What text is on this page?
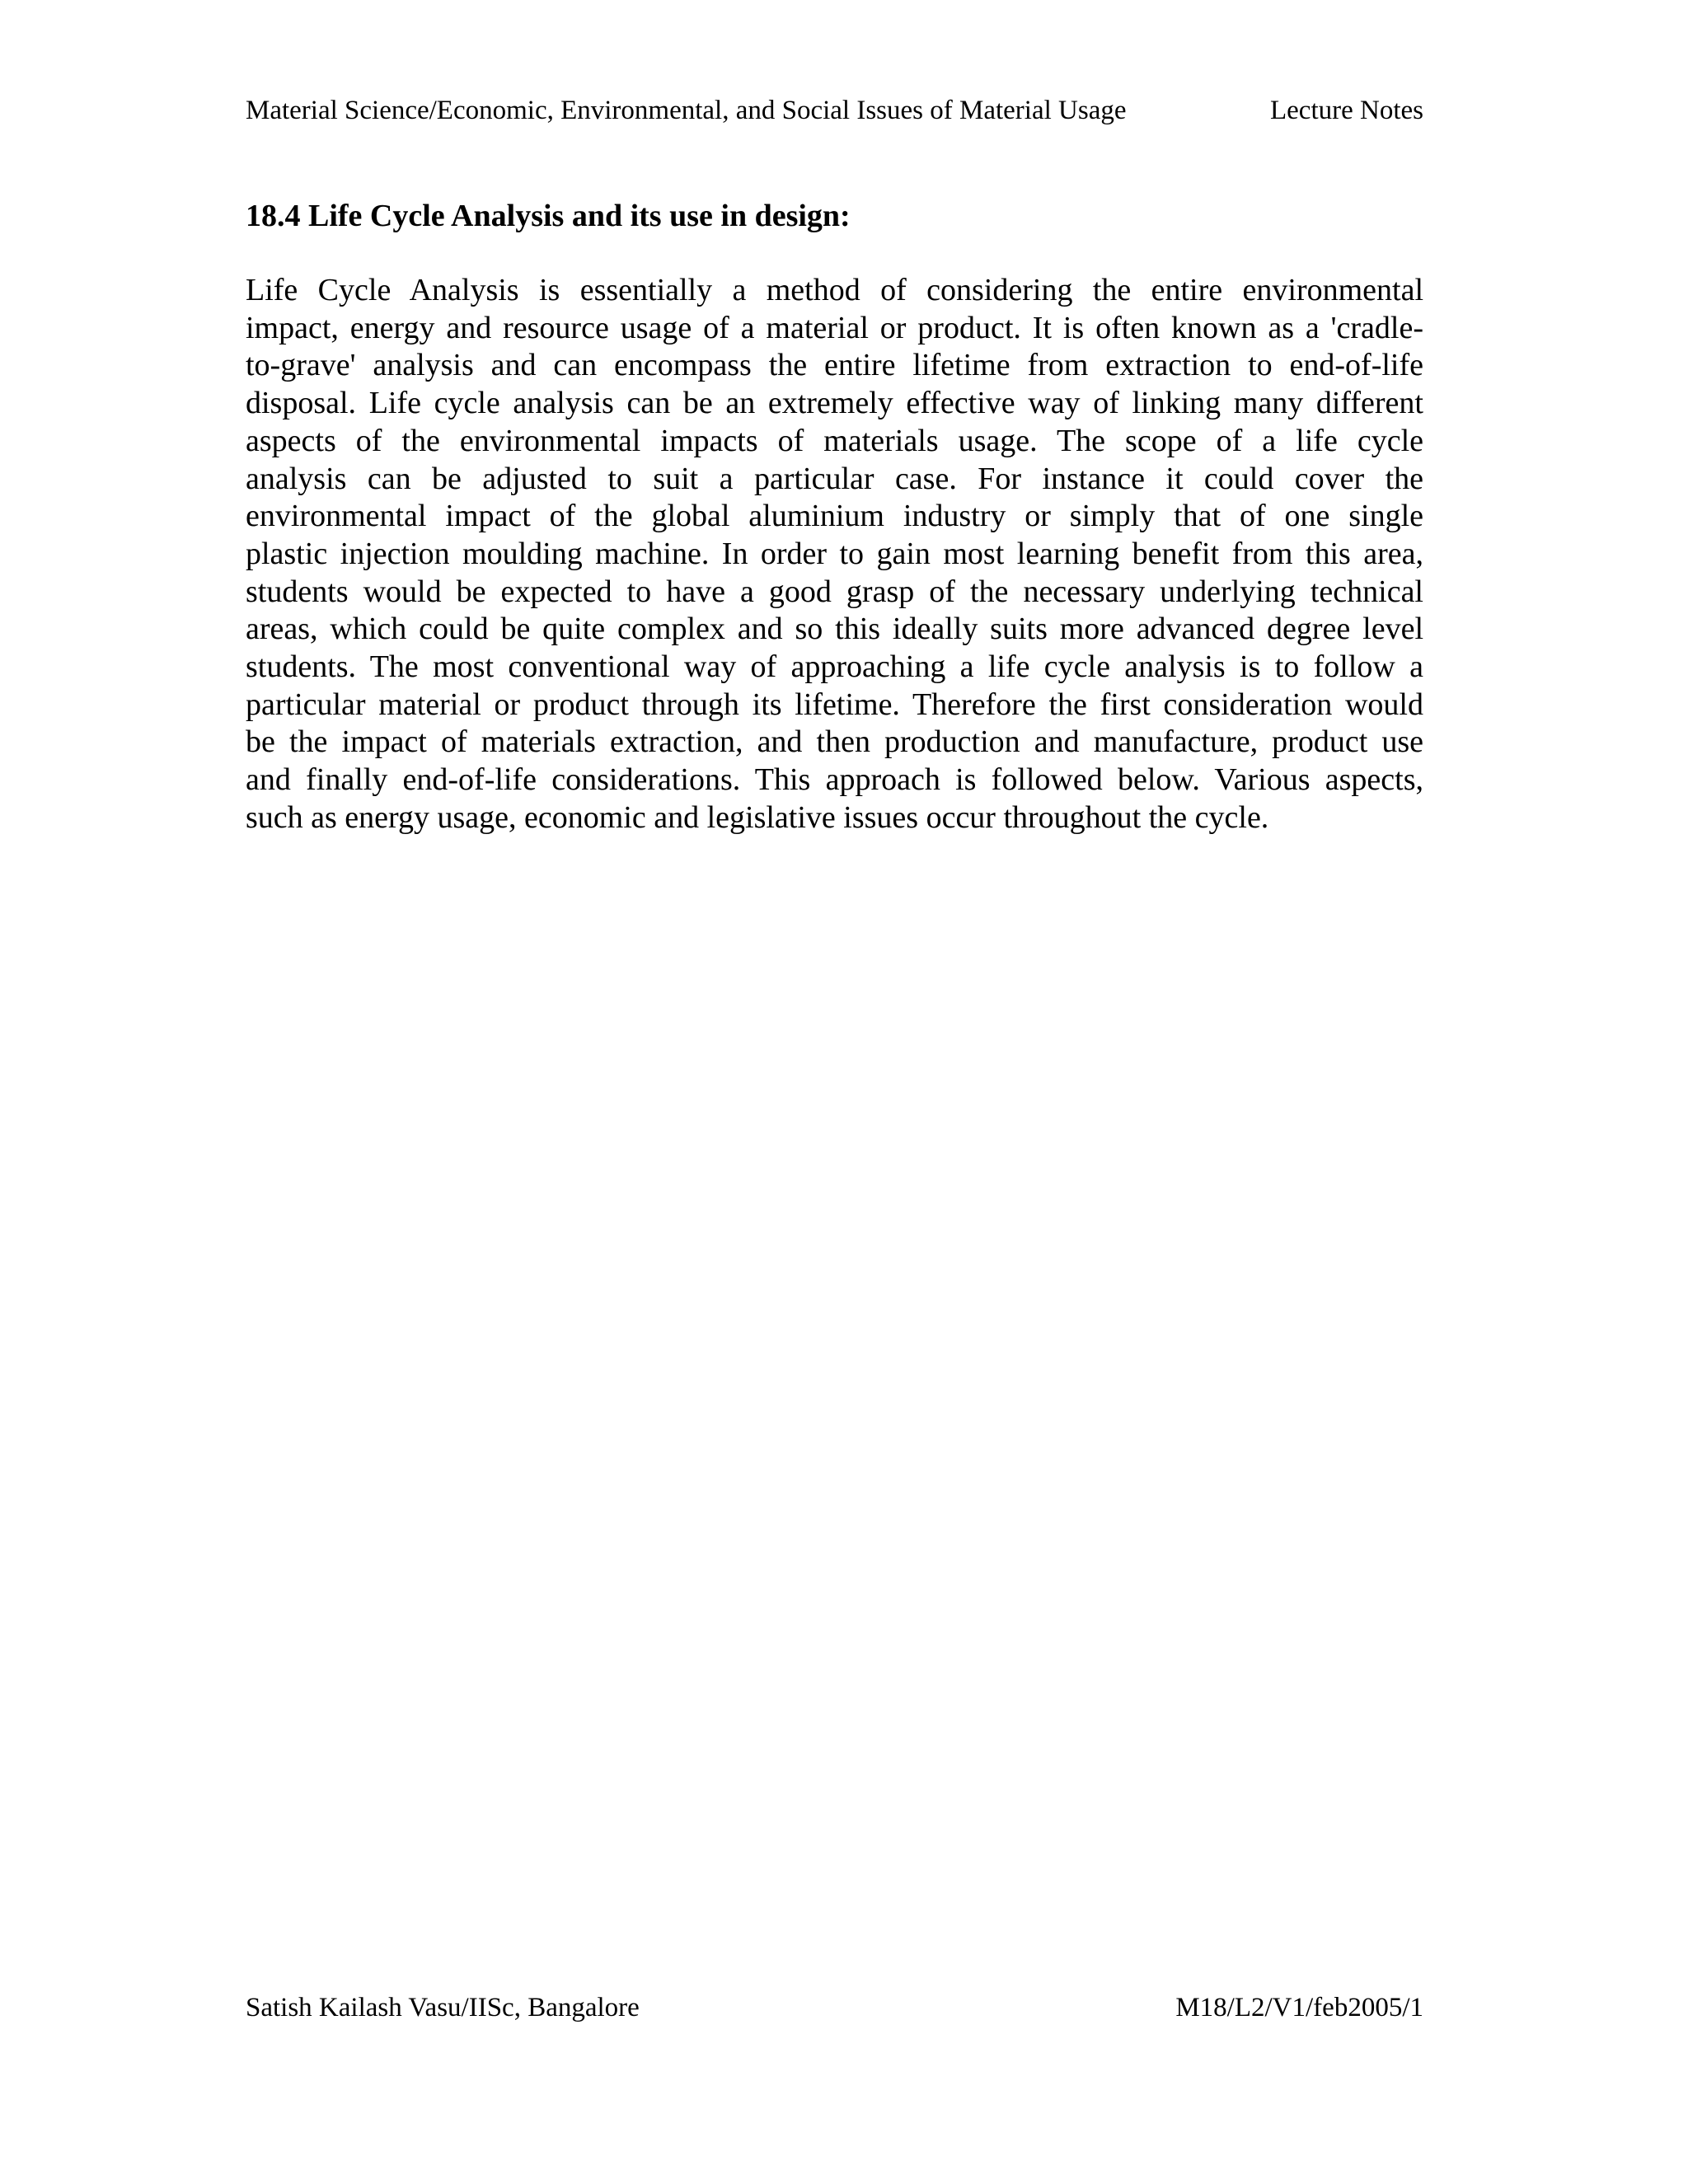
Material Science/Economic, Environmental, and Social Issues of Material Usage	Lecture Notes
18.4 Life Cycle Analysis and its use in design:
Life Cycle Analysis is essentially a method of considering the entire environmental
impact, energy and resource usage of a material or product. It is often known as a 'cradle-
to-grave' analysis and can encompass the entire lifetime from extraction to end-of-life
disposal. Life cycle analysis can be an extremely effective way of linking many different
aspects of the environmental impacts of materials usage. The scope of a life cycle
analysis can be adjusted to suit a particular case. For instance it could cover the
environmental impact of the global aluminium industry or simply that of one single
plastic injection moulding machine. In order to gain most learning benefit from this area,
students would be expected to have a good grasp of the necessary underlying technical
areas, which could be quite complex and so this ideally suits more advanced degree level
students. The most conventional way of approaching a life cycle analysis is to follow a
particular material or product through its lifetime. Therefore the first consideration would
be the impact of materials extraction, and then production and manufacture, product use
and finally end-of-life considerations. This approach is followed below. Various aspects,
such as energy usage, economic and legislative issues occur throughout the cycle.
Satish Kailash Vasu/IISc, Bangalore	M18/L2/V1/feb2005/1
